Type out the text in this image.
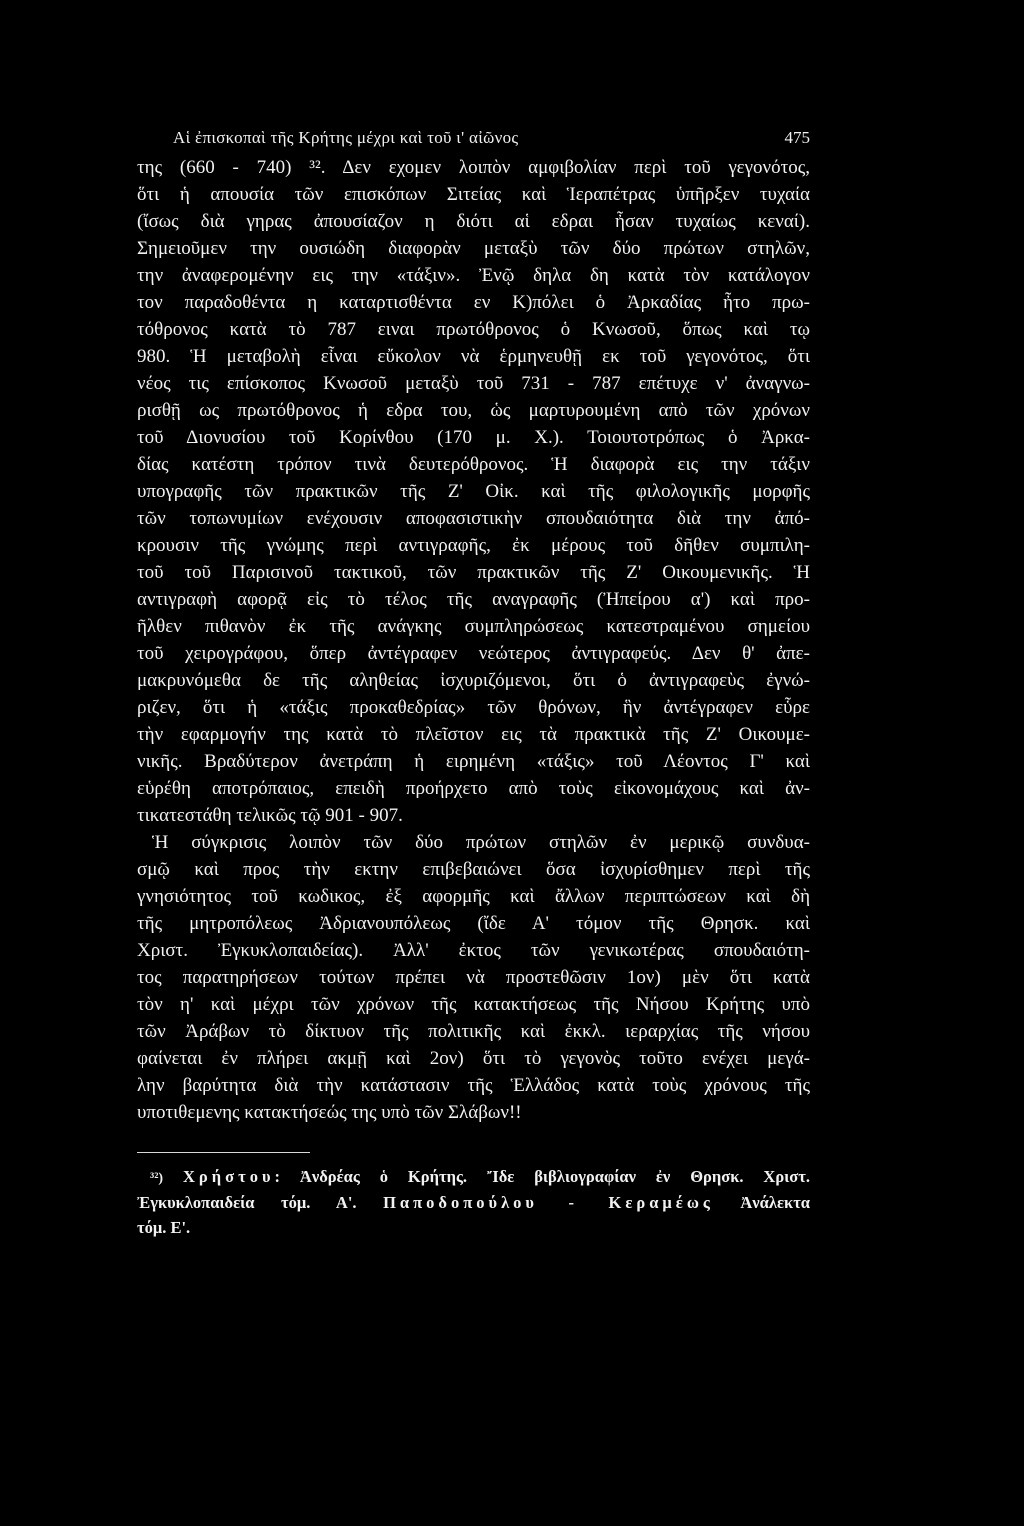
Αἱ ἐπισκοπαὶ τῆς Κρήτης μέχρι καὶ τοῦ ι' αἰῶνος	475
της (660 - 740) ³². Δεν εχομεν λοιπὸν αμφιβολίαν περὶ τοῦ γεγονότος,
ὅτι ἡ απουσία τῶν επισκόπων Σιτείας καὶ Ἱεραπέτρας ὑπῆρξεν τυχαία
(ἴσως διὰ γηρας ἀπουσίαζον η διότι αἱ εδραι ἦσαν τυχαίως κεναί).
Σημειοῦμεν την ουσιώδη διαφορὰν μεταξὺ τῶν δύο πρώτων στηλῶν,
την ἀναφερομένην εις την «τάξιν». Ἐνῷ δηλα δη κατὰ τὸν κατάλογον
τον παραδοθέντα η καταρτισθέντα εν Κ)πόλει ὁ Ἀρκαδίας ἦτο πρω-
τόθρονος κατὰ τὸ 787 ειναι πρωτόθρονος ὁ Κνωσοῦ, ὅπως καὶ τῳ
980. Ἡ μεταβολὴ εἶναι εὔκολον νὰ ἑρμηνευθῇ εκ τοῦ γεγονότος, ὅτι
νέος τις επίσκοπος Κνωσοῦ μεταξὺ τοῦ 731 - 787 επέτυχε ν' ἀναγνω-
ρισθῇ ως πρωτόθρονος ἡ εδρα του, ὡς μαρτυρουμένη απὸ τῶν χρόνων
τοῦ Διονυσίου τοῦ Κορίνθου (170 μ. Χ.). Τοιουτοτρόπως ὁ Ἀρκα-
δίας κατέστη τρόπον τινὰ δευτερόθρονος. Ἡ διαφορὰ εις την τάξιν
υπογραφῆς τῶν πρακτικῶν τῆς Ζ' Οἰκ. καὶ τῆς φιλολογικῆς μορφῆς
τῶν τοπωνυμίων ενέχουσιν αποφασιστικὴν σπουδαιότητα διὰ την ἀπό-
κρουσιν τῆς γνώμης περὶ αντιγραφῆς, ἐκ μέρους τοῦ δῆθεν συμπιλη-
τοῦ τοῦ Παρισινοῦ τακτικοῦ, τῶν πρακτικῶν τῆς Ζ' Οικουμενικῆς. Ἡ
αντιγραφὴ αφορᾷ εἰς τὸ τέλος τῆς αναγραφῆς (Ἠπείρου α') καὶ προ-
ῆλθεν πιθανὸν ἐκ τῆς ανάγκης συμπληρώσεως κατεστραμένου σημείου
τοῦ χειρογράφου, ὅπερ ἀντέγραφεν νεώτερος ἀντιγραφεύς. Δεν θ' ἀπε-
μακρυνόμεθα δε τῆς αληθείας ἰσχυριζόμενοι, ὅτι ὁ ἀντιγραφεὺς ἐγνώ-
ριζεν, ὅτι ἡ «τάξις προκαθεδρίας» τῶν θρόνων, ἣν ἀντέγραφεν εὗρε
τὴν εφαρμογήν της κατὰ τὸ πλεῖστον εις τὰ πρακτικὰ τῆς Ζ' Οικουμε-
νικῆς. Βραδύτερον ἀνετράπη ἡ ειρημένη «τάξις» τοῦ Λέοντος Γ' καὶ
εὑρέθη αποτρόπαιος, επειδὴ προήρχετο απὸ τοὺς εἰκονομάχους καὶ ἀν-
τικατεστάθη τελικῶς τῷ 901 - 907.
Ἡ σύγκρισις λοιπὸν τῶν δύο πρώτων στηλῶν ἐν μερικῷ συνδυα-
σμῷ καὶ προς τὴν εκτην επιβεβαιώνει ὅσα ἰσχυρίσθημεν περὶ τῆς
γνησιότητος τοῦ κωδικος, ἐξ αφορμῆς καὶ ἄλλων περιπτώσεων καὶ δὴ
τῆς μητροπόλεως Ἀδριανουπόλεως (ἴδε Α' τόμον τῆς Θρησκ. καὶ
Χριστ. Ἐγκυκλοπαιδείας). Ἀλλ' ἐκτος τῶν γενικωτέρας σπουδαιότη-
τος παρατηρήσεων τούτων πρέπει νὰ προστεθῶσιν 1ον) μὲν ὅτι κατὰ
τὸν η' καὶ μέχρι τῶν χρόνων τῆς κατακτήσεως τῆς Νήσου Κρήτης υπὸ
τῶν Ἀράβων τὸ δίκτυον τῆς πολιτικῆς καὶ ἐκκλ. ιεραρχίας τῆς νήσου
φαίνεται ἐν πλήρει ακμῇ καὶ 2ον) ὅτι τὸ γεγονὸς τοῦτο ενέχει μεγά-
λην βαρύτητα διὰ τὴν κατάστασιν τῆς Ἑλλάδος κατὰ τοὺς χρόνους τῆς
υποτιθεμενης κατακτήσεώς της υπὸ τῶν Σλάβων!!
³²) Χρήστου: Ἀνδρέας ὁ Κρήτης. Ἴδε βιβλιογραφίαν ἐν Θρησκ. Χριστ.
Ἐγκυκλοπαιδεία τόμ. Α'. Παποδοπούλου - Κεραμέως Ἀνάλεκτα
τόμ. Ε'.
